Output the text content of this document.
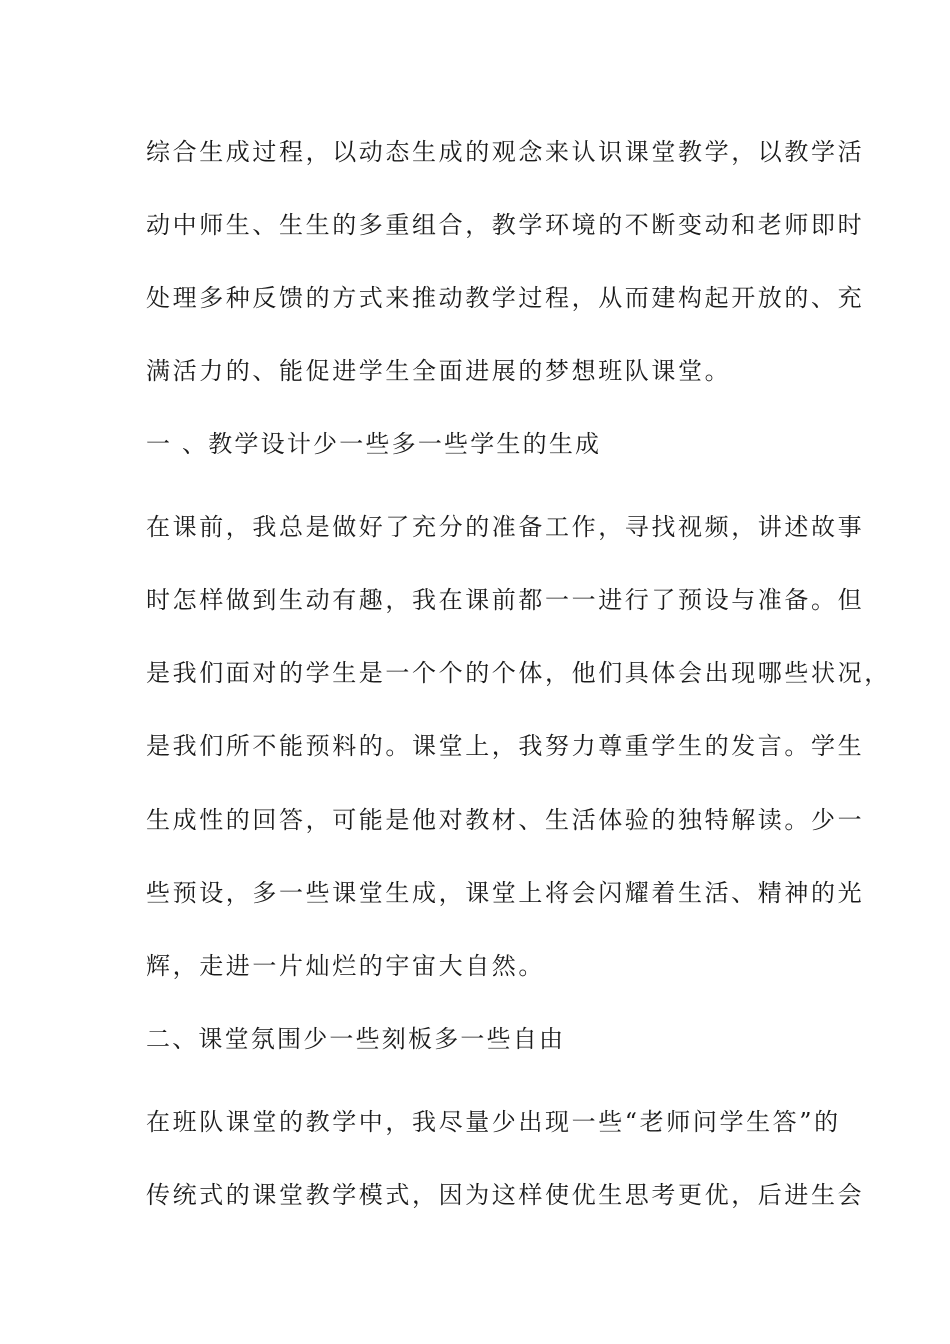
综合生成过程，以动态生成的观念来认识课堂教学，以教学活
动中师生、生生的多重组合，教学环境的不断变动和老师即时
处理多种反馈的方式来推动教学过程，从而建构起开放的、充
满活力的、能促进学生全面进展的梦想班队课堂。
一 、教学设计少一些多一些学生的生成
在课前，我总是做好了充分的准备工作，寻找视频，讲述故事
时怎样做到生动有趣，我在课前都一一进行了预设与准备。但
是我们面对的学生是一个个的个体，他们具体会出现哪些状况，
是我们所不能预料的。课堂上，我努力尊重学生的发言。学生
生成性的回答，可能是他对教材、生活体验的独特解读。少一
些预设，多一些课堂生成，课堂上将会闪耀着生活、精神的光
辉，走进一片灿烂的宇宙大自然。
二、课堂氛围少一些刻板多一些自由
在班队课堂的教学中，我尽量少出现一些“老师问学生答”的
传统式的课堂教学模式，因为这样使优生思考更优，后进生会
